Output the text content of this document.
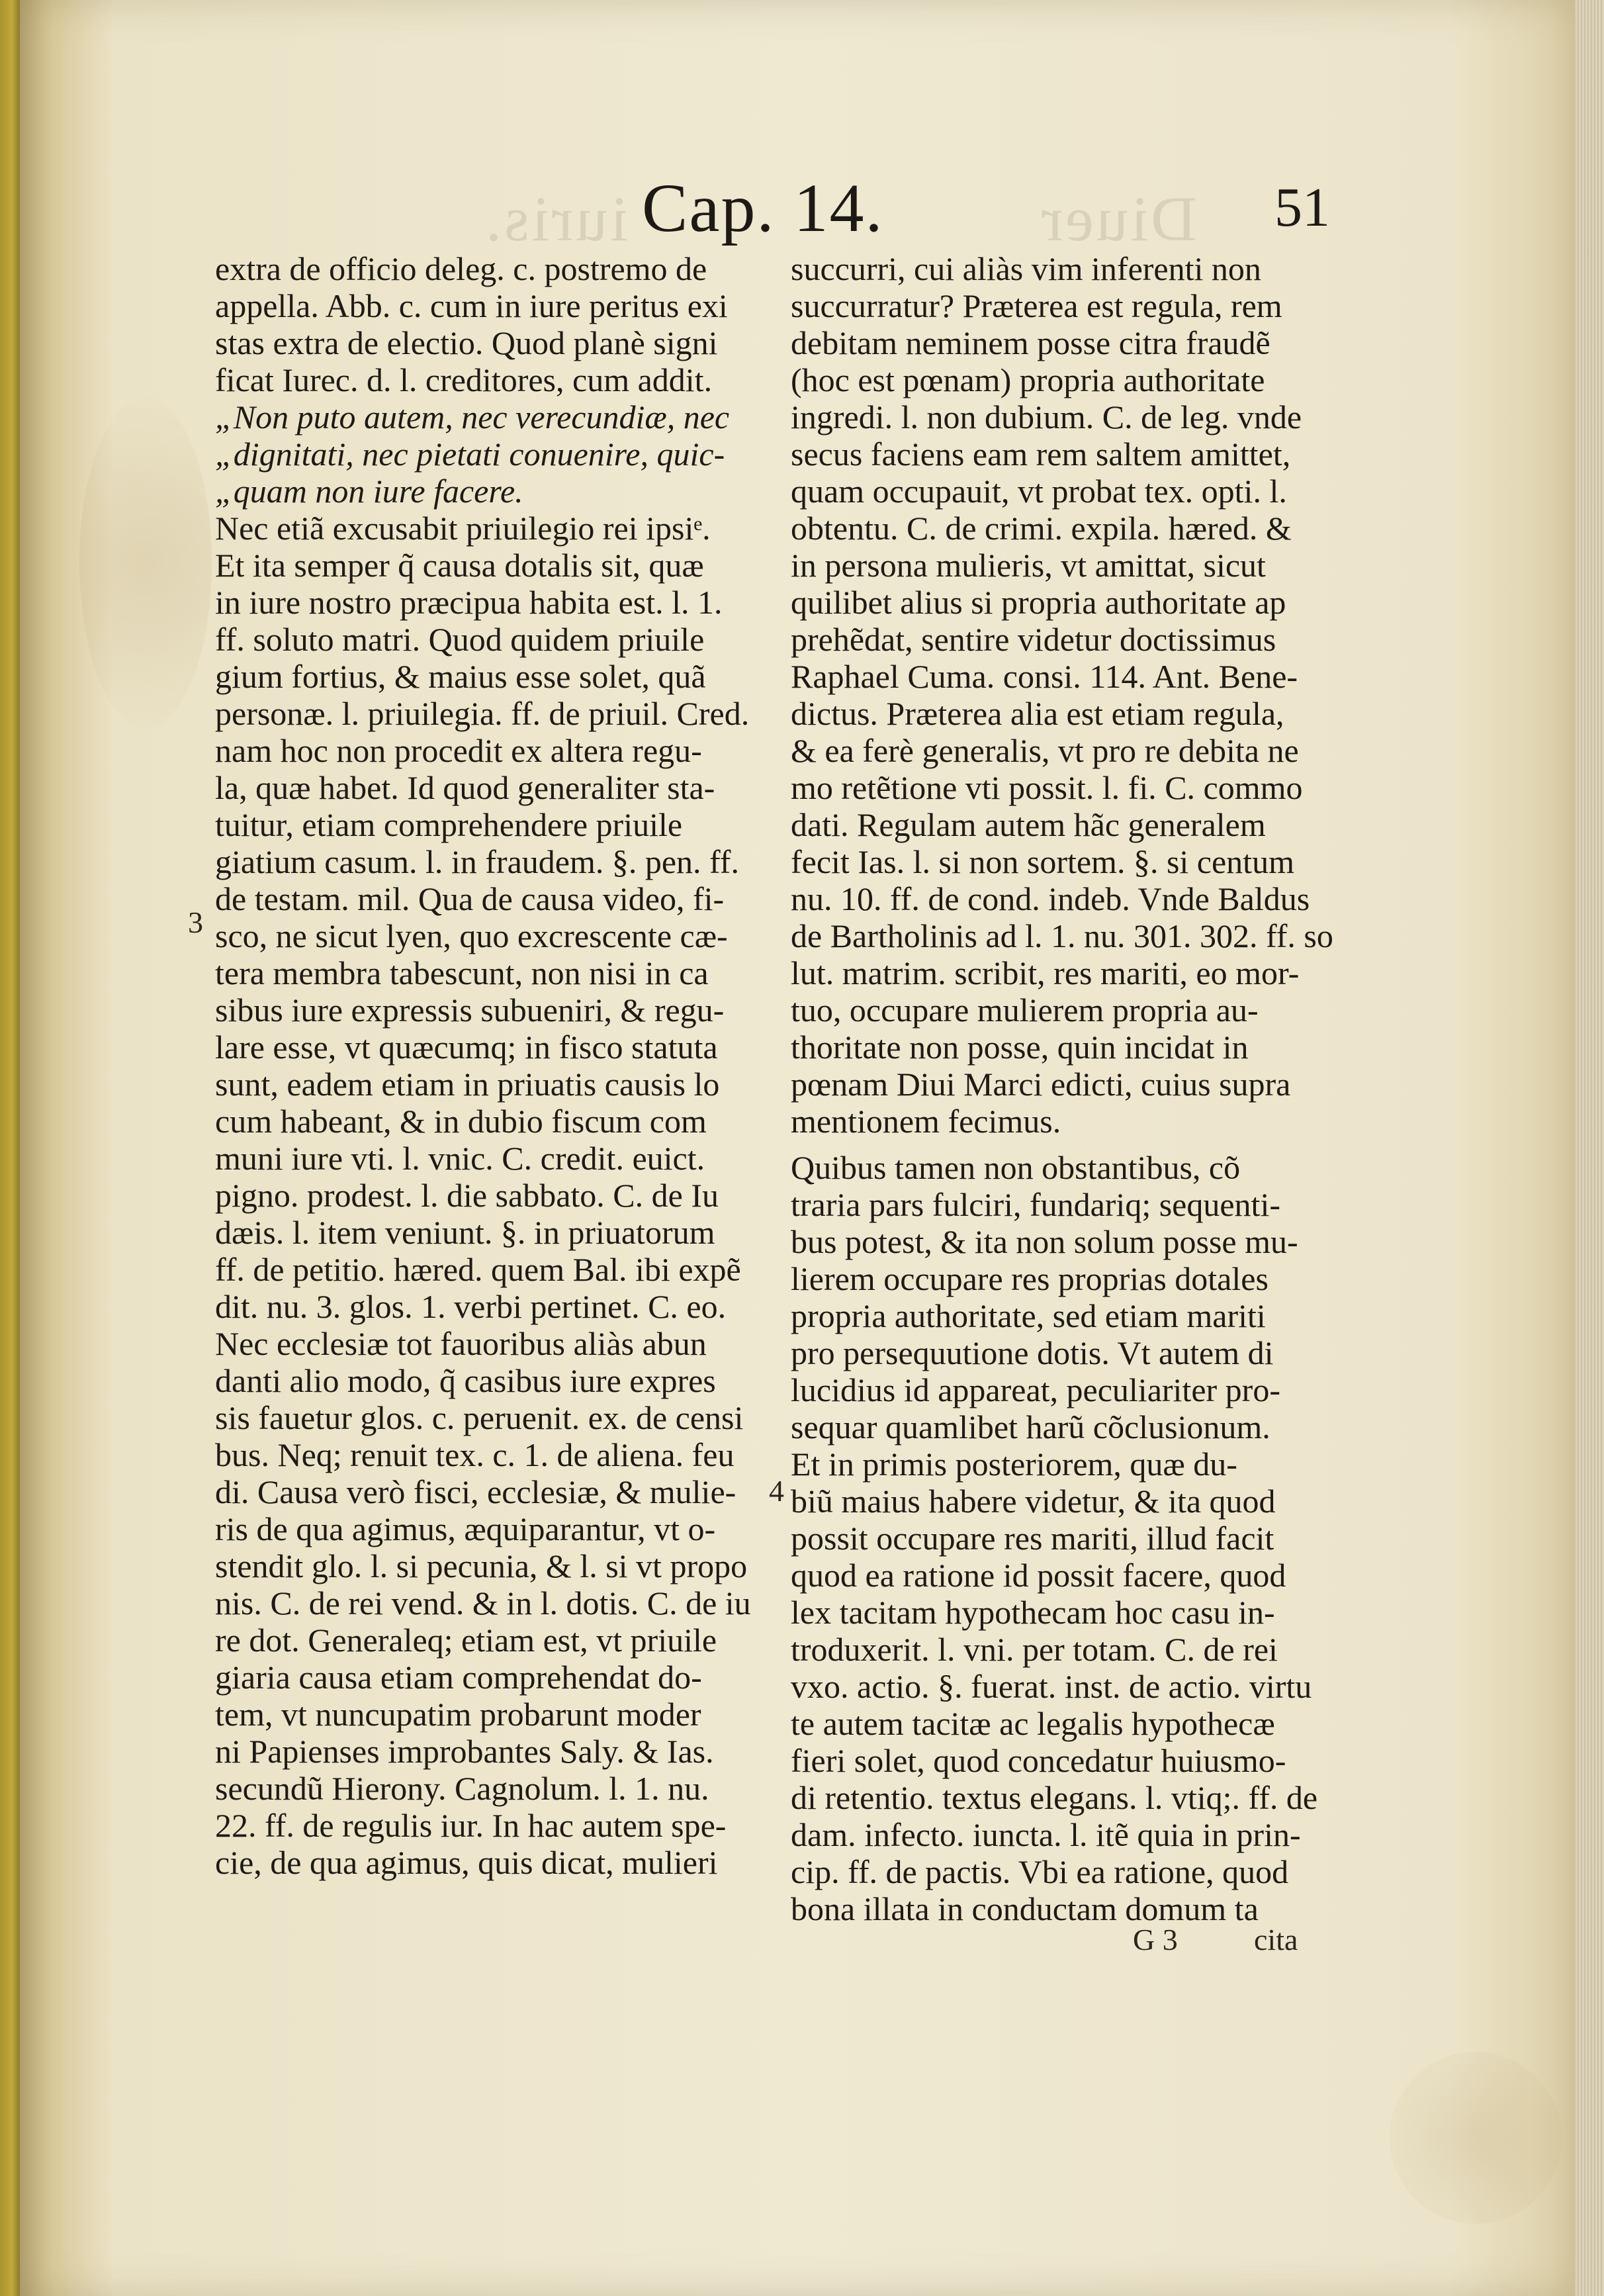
iuris.	Diuer
Cap. 14.	51
3
4
extra de officio deleg. c. postremo de
appella. Abb. c. cum in iure peritus exi
stas extra de electio. Quod planè signi
ficat Iurec. d. l. creditores, cum addit.
„Non puto autem, nec verecundiæ, nec
„dignitati, nec pietati conuenire, quic-
„quam non iure facere.
Nec etiã excusabit priuilegio rei ipsiᵉ.
Et ita semper q̃ causa dotalis sit, quæ
in iure nostro præcipua habita est. l. 1.
ff. soluto matri. Quod quidem priuile
gium fortius, & maius esse solet, quã
personæ. l. priuilegia. ff. de priuil. Cred.
nam hoc non procedit ex altera regu-
la, quæ habet. Id quod generaliter sta-
tuitur, etiam comprehendere priuile
giatium casum. l. in fraudem. §. pen. ff.
de testam. mil. Qua de causa video, fi-
sco, ne sicut lyen, quo excrescente cæ-
tera membra tabescunt, non nisi in ca
sibus iure expressis subueniri, & regu-
lare esse, vt quæcumq; in fisco statuta
sunt, eadem etiam in priuatis causis lo
cum habeant, & in dubio fiscum com
muni iure vti. l. vnic. C. credit. euict.
pigno. prodest. l. die sabbato. C. de Iu
dæis. l. item veniunt. §. in priuatorum
ff. de petitio. hæred. quem Bal. ibi expẽ
dit. nu. 3. glos. 1. verbi pertinet. C. eo.
Nec ecclesiæ tot fauoribus aliàs abun
danti alio modo, q̃ casibus iure expres
sis fauetur glos. c. peruenit. ex. de censi
bus. Neq; renuit tex. c. 1. de aliena. feu
di. Causa verò fisci, ecclesiæ, & mulie-
ris de qua agimus, æquiparantur, vt o-
stendit glo. l. si pecunia, & l. si vt propo
nis. C. de rei vend. & in l. dotis. C. de iu
re dot. Generaleq; etiam est, vt priuile
giaria causa etiam comprehendat do-
tem, vt nuncupatim probarunt moder
ni Papienses improbantes Saly. & Ias.
secundũ Hierony. Cagnolum. l. 1. nu.
22. ff. de regulis iur. In hac autem spe-
cie, de qua agimus, quis dicat, mulieri
succurri, cui aliàs vim inferenti non
succurratur? Præterea est regula, rem
debitam neminem posse citra fraudẽ
(hoc est pœnam) propria authoritate
ingredi. l. non dubium. C. de leg. vnde
secus faciens eam rem saltem amittet,
quam occupauit, vt probat tex. opti. l.
obtentu. C. de crimi. expila. hæred. &
in persona mulieris, vt amittat, sicut
quilibet alius si propria authoritate ap
prehẽdat, sentire videtur doctissimus
Raphael Cuma. consi. 114. Ant. Bene-
dictus. Præterea alia est etiam regula,
& ea ferè generalis, vt pro re debita ne
mo retẽtione vti possit. l. fi. C. commo
dati. Regulam autem hãc generalem
fecit Ias. l. si non sortem. §. si centum
nu. 10. ff. de cond. indeb. Vnde Baldus
de Bartholinis ad l. 1. nu. 301. 302. ff. so
lut. matrim. scribit, res mariti, eo mor-
tuo, occupare mulierem propria au-
thoritate non posse, quin incidat in
pœnam Diui Marci edicti, cuius supra
mentionem fecimus.
Quibus tamen non obstantibus, cõ
traria pars fulciri, fundariq; sequenti-
bus potest, & ita non solum posse mu-
lierem occupare res proprias dotales
propria authoritate, sed etiam mariti
pro persequutione dotis. Vt autem di
lucidius id appareat, peculiariter pro-
sequar quamlibet harũ cõclusionum.
Et in primis posteriorem, quæ du-
biũ maius habere videtur, & ita quod
possit occupare res mariti, illud facit
quod ea ratione id possit facere, quod
lex tacitam hypothecam hoc casu in-
troduxerit. l. vni. per totam. C. de rei
vxo. actio. §. fuerat. inst. de actio. virtu
te autem tacitæ ac legalis hypothecæ
fieri solet, quod concedatur huiusmo-
di retentio. textus elegans. l. vtiq;. ff. de
dam. infecto. iuncta. l. itẽ quia in prin-
cip. ff. de pactis. Vbi ea ratione, quod
bona illata in conductam domum ta
G 3	cita
